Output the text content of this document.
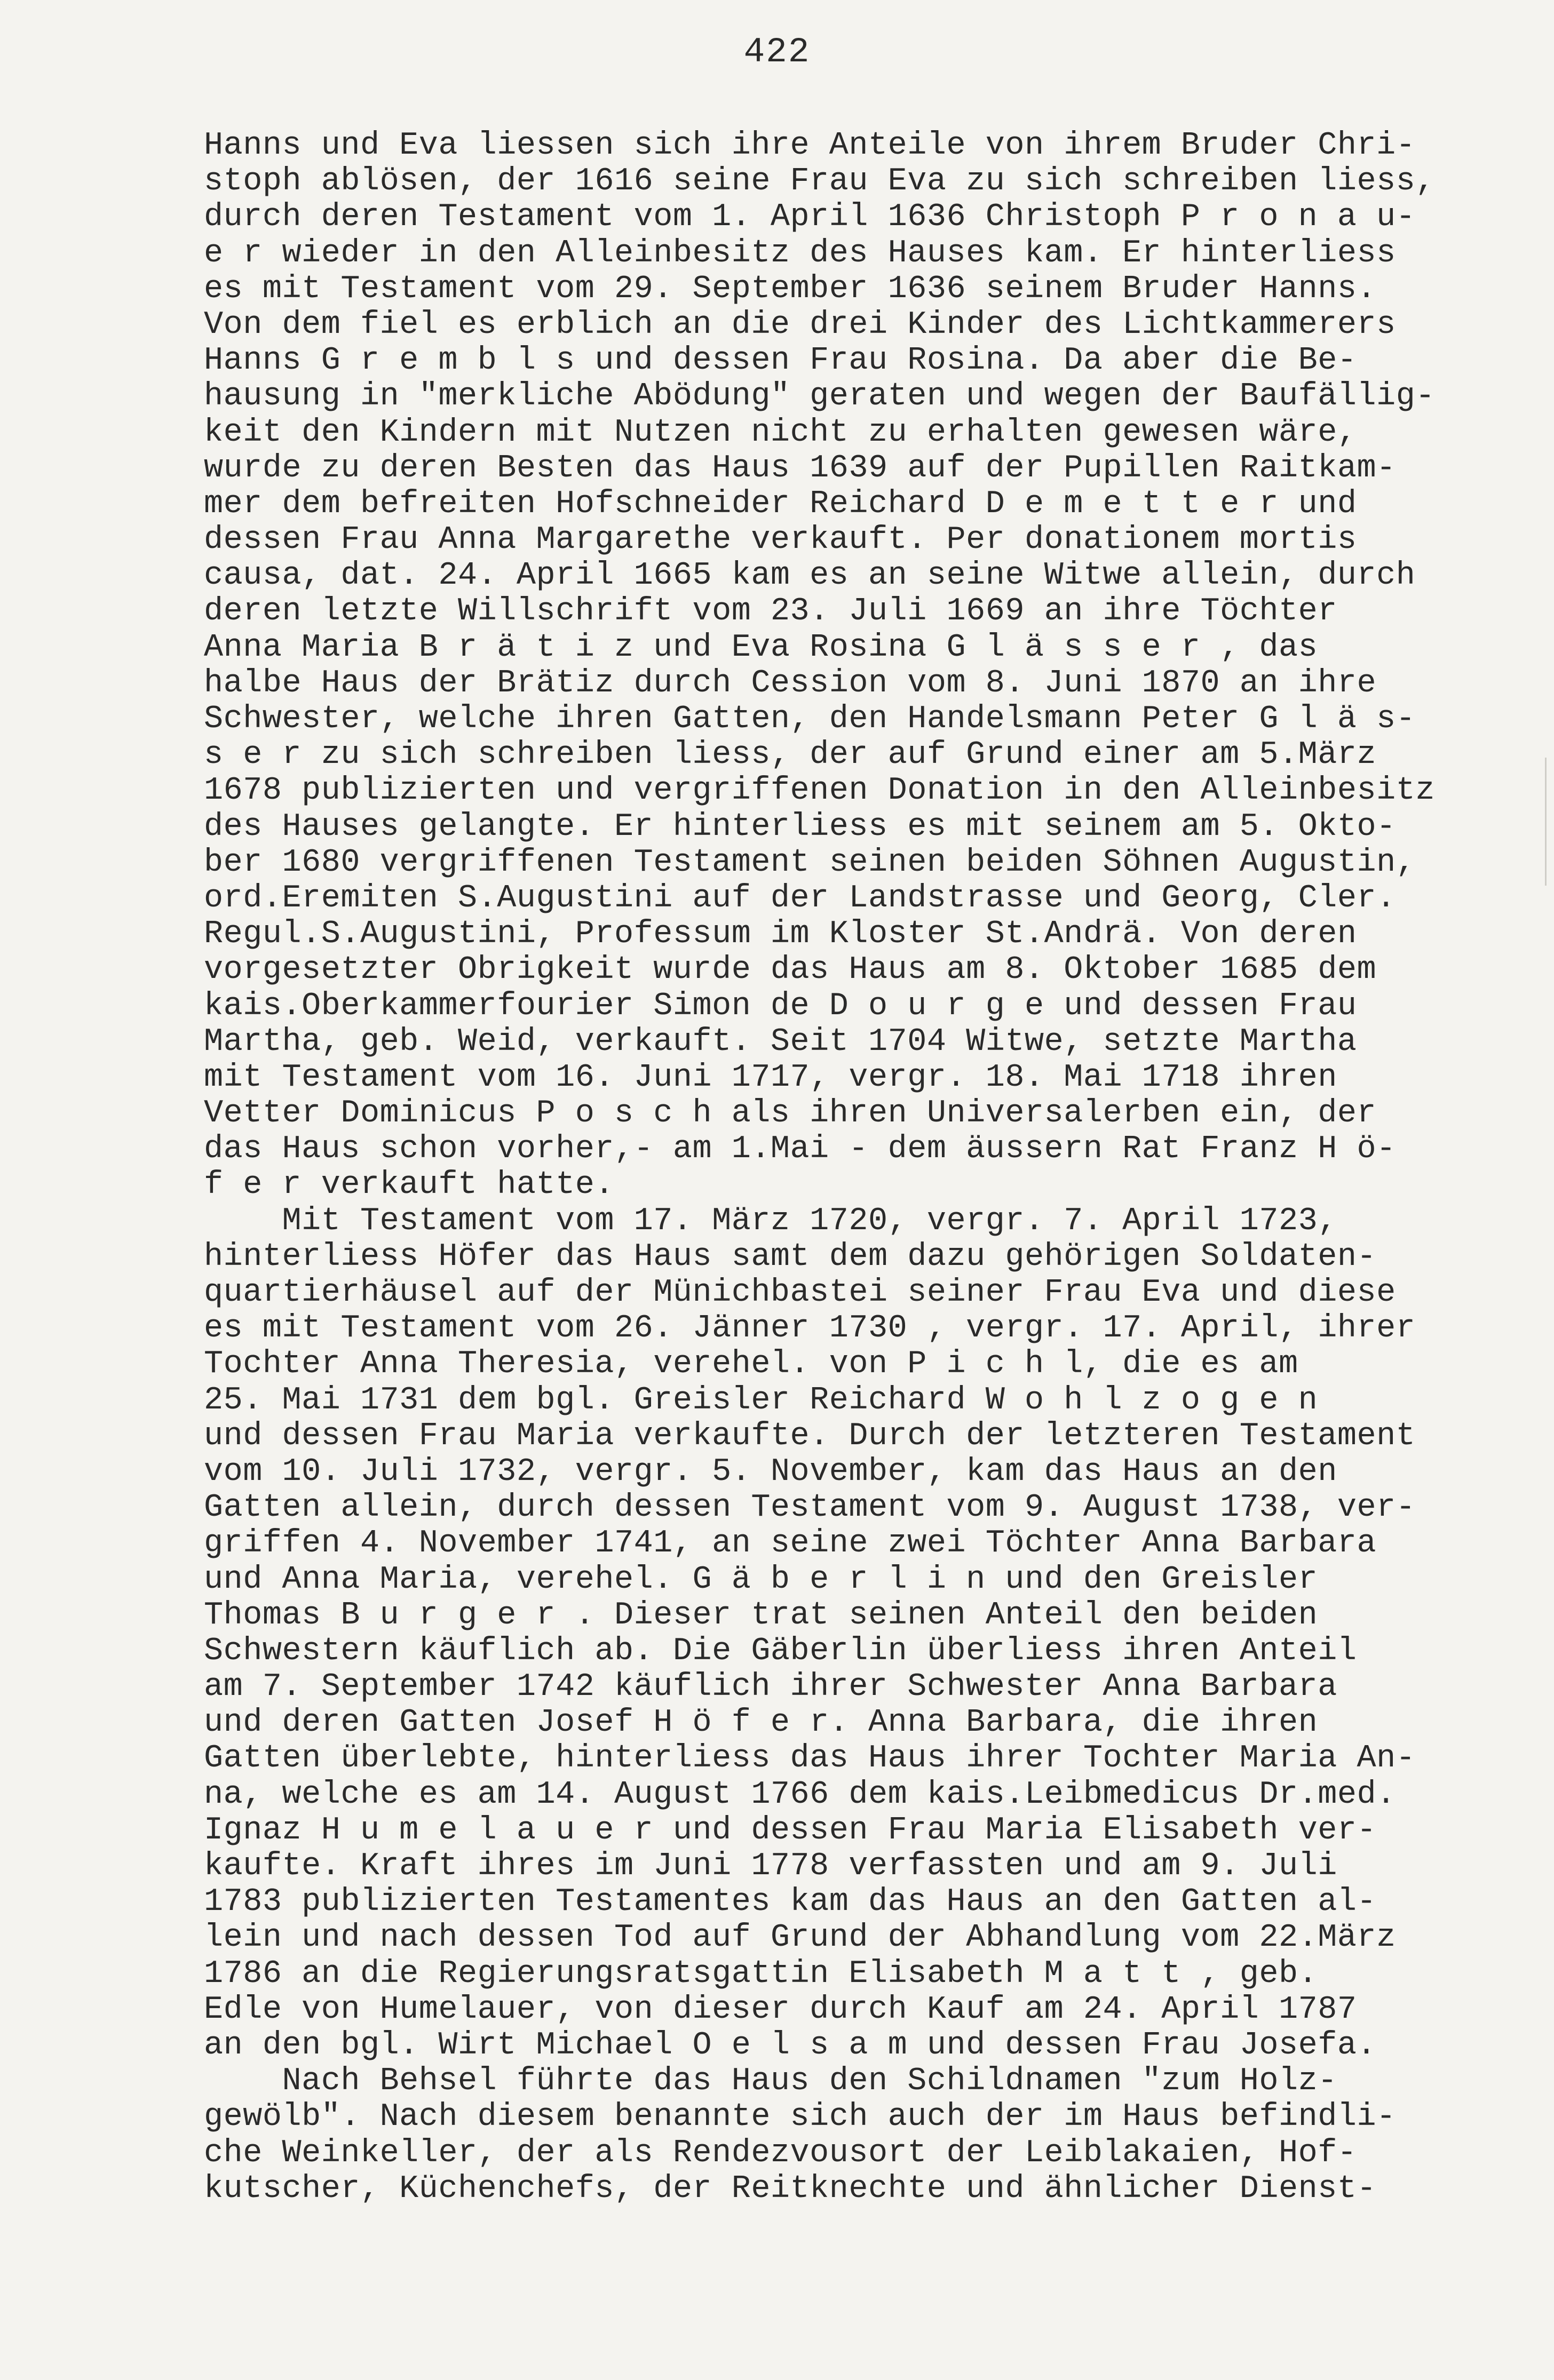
422
Hanns und Eva liessen sich ihre Anteile von ihrem Bruder Chri-
stoph ablösen, der 1616 seine Frau Eva zu sich schreiben liess,
durch deren Testament vom 1. April 1636 Christoph P r o n a u-
e r wieder in den Alleinbesitz des Hauses kam. Er hinterliess
es mit Testament vom 29. September 1636 seinem Bruder Hanns.
Von dem fiel es erblich an die drei Kinder des Lichtkammerers
Hanns G r e m b l s und dessen Frau Rosina. Da aber die Be-
hausung in "merkliche Abödung" geraten und wegen der Baufällig-
keit den Kindern mit Nutzen nicht zu erhalten gewesen wäre,
wurde zu deren Besten das Haus 1639 auf der Pupillen Raitkam-
mer dem befreiten Hofschneider Reichard D e m e t t e r und
dessen Frau Anna Margarethe verkauft. Per donationem mortis
causa, dat. 24. April 1665 kam es an seine Witwe allein, durch
deren letzte Willschrift vom 23. Juli 1669 an ihre Töchter
Anna Maria B r ä t i z und Eva Rosina G l ä s s e r , das
halbe Haus der Brätiz durch Cession vom 8. Juni 1870 an ihre
Schwester, welche ihren Gatten, den Handelsmann Peter G l ä s-
s e r zu sich schreiben liess, der auf Grund einer am 5.März
1678 publizierten und vergriffenen Donation in den Alleinbesitz
des Hauses gelangte. Er hinterliess es mit seinem am 5. Okto-
ber 1680 vergriffenen Testament seinen beiden Söhnen Augustin,
ord.Eremiten S.Augustini auf der Landstrasse und Georg, Cler.
Regul.S.Augustini, Professum im Kloster St.Andrä. Von deren
vorgesetzter Obrigkeit wurde das Haus am 8. Oktober 1685 dem
kais.Oberkammerfourier Simon de D o u r g e und dessen Frau
Martha, geb. Weid, verkauft. Seit 1704 Witwe, setzte Martha
mit Testament vom 16. Juni 1717, vergr. 18. Mai 1718 ihren
Vetter Dominicus P o s c h als ihren Universalerben ein, der
das Haus schon vorher,- am 1.Mai - dem äussern Rat Franz H ö-
f e r verkauft hatte.
Mit Testament vom 17. März 1720, vergr. 7. April 1723,
hinterliess Höfer das Haus samt dem dazu gehörigen Soldaten-
quartierhäusel auf der Münichbastei seiner Frau Eva und diese
es mit Testament vom 26. Jänner 1730 , vergr. 17. April, ihrer
Tochter Anna Theresia, verehel. von P i c h l, die es am
25. Mai 1731 dem bgl. Greisler Reichard W o h l z o g e n
und dessen Frau Maria verkaufte. Durch der letzteren Testament
vom 10. Juli 1732, vergr. 5. November, kam das Haus an den
Gatten allein, durch dessen Testament vom 9. August 1738, ver-
griffen 4. November 1741, an seine zwei Töchter Anna Barbara
und Anna Maria, verehel. G ä b e r l i n und den Greisler
Thomas B u r g e r . Dieser trat seinen Anteil den beiden
Schwestern käuflich ab. Die Gäberlin überliess ihren Anteil
am 7. September 1742 käuflich ihrer Schwester Anna Barbara
und deren Gatten Josef H ö f e r. Anna Barbara, die ihren
Gatten überlebte, hinterliess das Haus ihrer Tochter Maria An-
na, welche es am 14. August 1766 dem kais.Leibmedicus Dr.med.
Ignaz H u m e l a u e r und dessen Frau Maria Elisabeth ver-
kaufte. Kraft ihres im Juni 1778 verfassten und am 9. Juli
1783 publizierten Testamentes kam das Haus an den Gatten al-
lein und nach dessen Tod auf Grund der Abhandlung vom 22.März
1786 an die Regierungsratsgattin Elisabeth M a t t , geb.
Edle von Humelauer, von dieser durch Kauf am 24. April 1787
an den bgl. Wirt Michael O e l s a m und dessen Frau Josefa.
Nach Behsel führte das Haus den Schildnamen "zum Holz-
gewölb". Nach diesem benannte sich auch der im Haus befindli-
che Weinkeller, der als Rendezvousort der Leiblakaien, Hof-
kutscher, Küchenchefs, der Reitknechte und ähnlicher Dienst-
